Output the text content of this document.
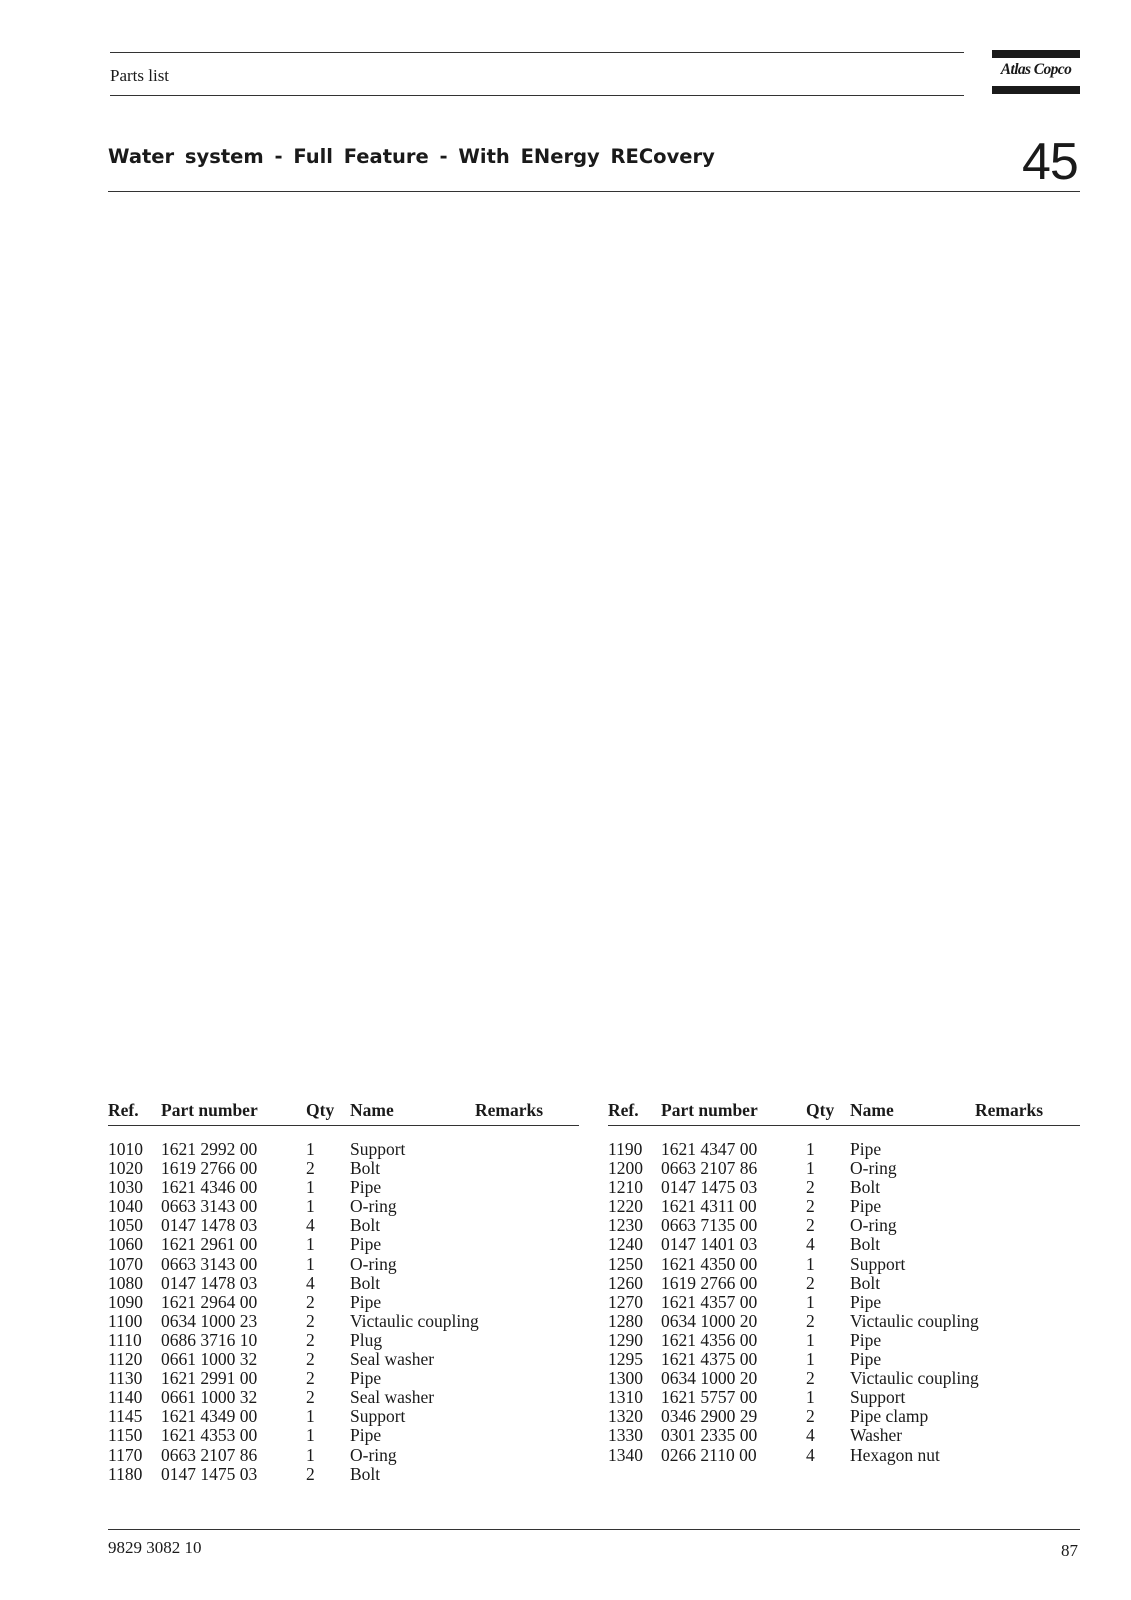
Parts list	Atlas Copco
Water system - Full Feature - With ENergy RECovery	45
Ref. Part number	Qty Name	Remarks
1010 1621 2992 00	1 Support
1020 1619 2766 00	2 Bolt
1030 1621 4346 00	1 Pipe
1040 0663 3143 00	1 O-ring
1050 0147 1478 03	4 Bolt
1060 1621 2961 00	1 Pipe
1070 0663 3143 00	1 O-ring
1080 0147 1478 03	4 Bolt
1090 1621 2964 00	2 Pipe
1100 0634 1000 23	2 Victaulic coupling
1110 0686 3716 10	2 Plug
1120 0661 1000 32	2 Seal washer
1130 1621 2991 00	2 Pipe
1140 0661 1000 32	2 Seal washer
1145 1621 4349 00	1 Support
1150 1621 4353 00	1 Pipe
1170 0663 2107 86	1 O-ring
1180 0147 1475 03	2 Bolt
Ref. Part number	Qty Name	Remarks
1190 1621 4347 00	1 Pipe
1200 0663 2107 86	1 O-ring
1210 0147 1475 03	2 Bolt
1220 1621 4311 00	2 Pipe
1230 0663 7135 00	2 O-ring
1240 0147 1401 03	4 Bolt
1250 1621 4350 00	1 Support
1260 1619 2766 00	2 Bolt
1270 1621 4357 00	1 Pipe
1280 0634 1000 20	2 Victaulic coupling
1290 1621 4356 00	1 Pipe
1295 1621 4375 00	1 Pipe
1300 0634 1000 20	2 Victaulic coupling
1310 1621 5757 00	1 Support
1320 0346 2900 29	2 Pipe clamp
1330 0301 2335 00	4 Washer
1340 0266 2110 00	4 Hexagon nut
9829 3082 10	87
